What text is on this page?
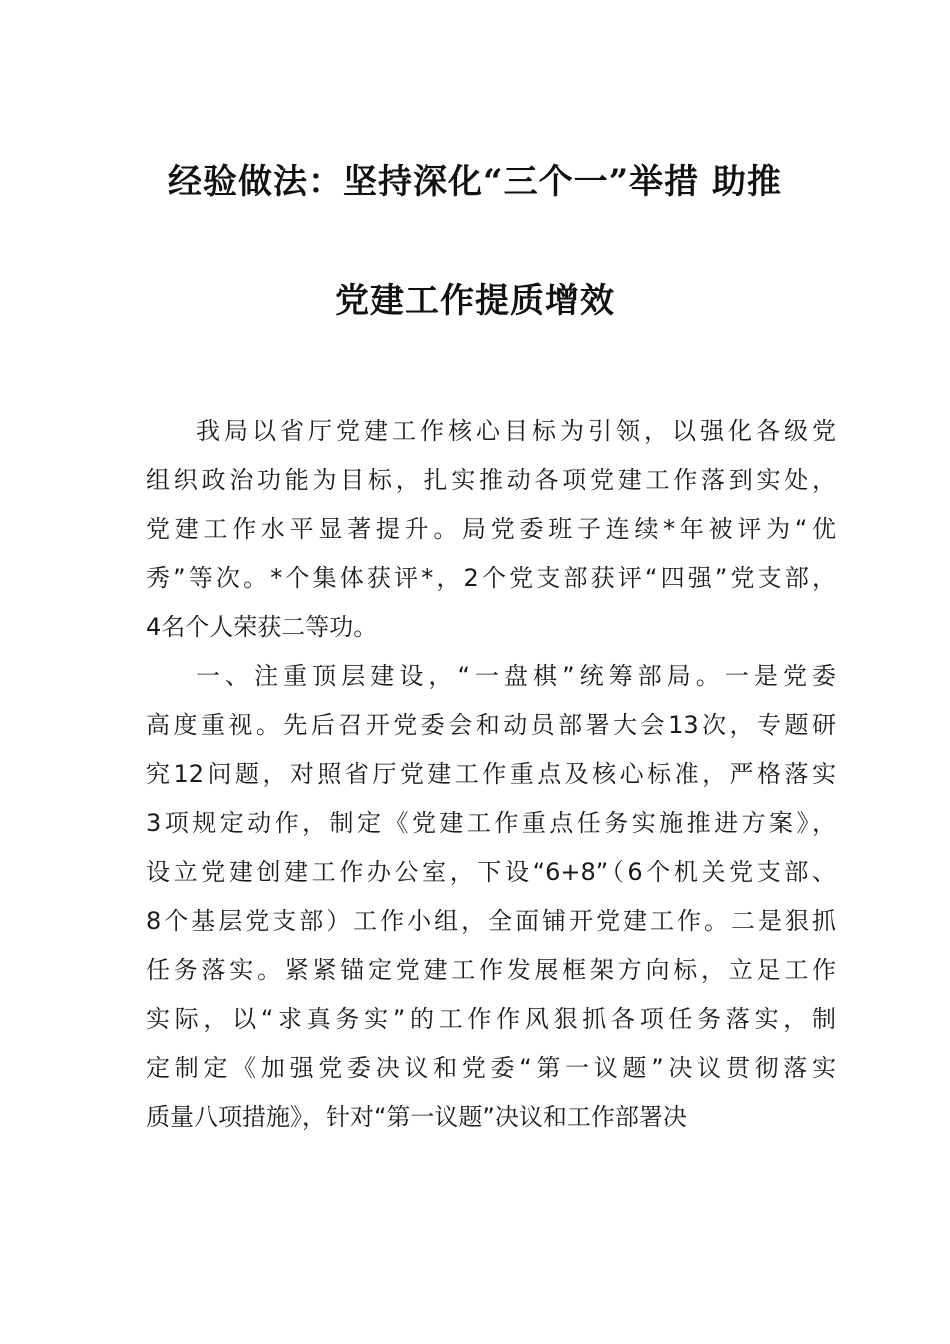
经验做法：坚持深化“三个一”举措 助推
党建工作提质增效
我局以省厅党建工作核心目标为引领，以强化各级党
组织政治功能为目标，扎实推动各项党建工作落到实处，
党建工作水平显著提升。局党委班子连续*年被评为“优
秀”等次。*个集体获评*，2个党支部获评“四强”党支部，
4名个人荣获二等功。
一、注重顶层建设，“一盘棋”统筹部局。一是党委
高度重视。先后召开党委会和动员部署大会13次，专题研
究12问题，对照省厅党建工作重点及核心标准，严格落实
3项规定动作，制定《党建工作重点任务实施推进方案》，
设立党建创建工作办公室，下设“6+8”（6个机关党支部、
8个基层党支部）工作小组，全面铺开党建工作。二是狠抓
任务落实。紧紧锚定党建工作发展框架方向标，立足工作
实际，以“求真务实”的工作作风狠抓各项任务落实，制
定制定《加强党委决议和党委“第一议题”决议贯彻落实
质量八项措施》，针对“第一议题”决议和工作部署决
